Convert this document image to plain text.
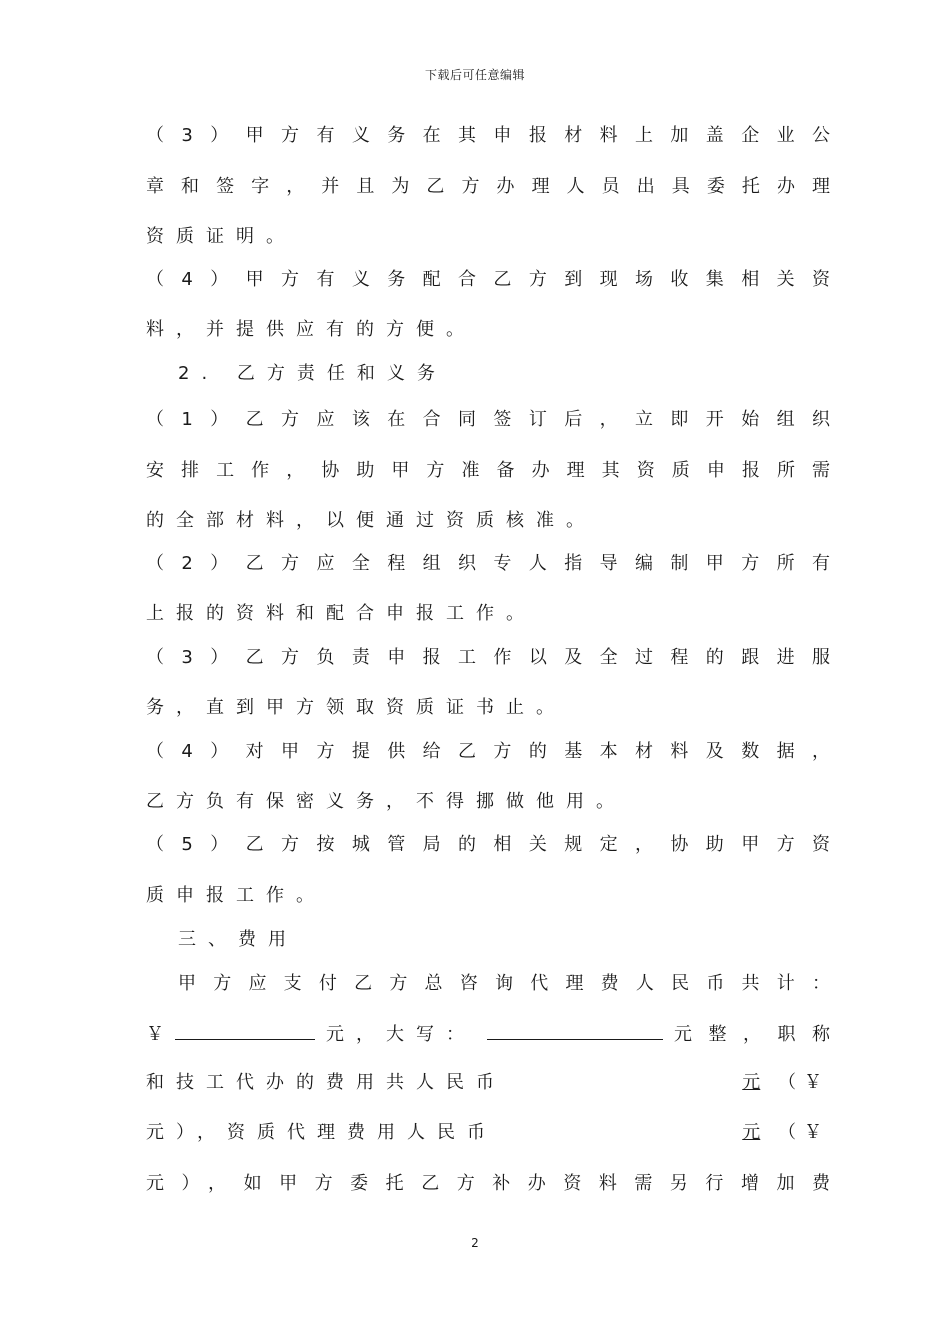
下载后可任意编辑
（3）甲方有义务在其申报材料上加盖企业公
章和签字，并且为乙方办理人员出具委托办理
资质证明。
（4）甲方有义务配合乙方到现场收集相关资
料，并提供应有的方便。
2. 乙方责任和义务
（1）乙方应该在合同签订后，立即开始组织
安排工作，协助甲方准备办理其资质申报所需
的全部材料，以便通过资质核准。
（2）乙方应全程组织专人指导编制甲方所有
上报的资料和配合申报工作。
（3）乙方负责申报工作以及全过程的跟进服
务，直到甲方领取资质证书止。
（4）对甲方提供给乙方的基本材料及数据，
乙方负有保密义务，不得挪做他用。
（5）乙方按城管局的相关规定，协助甲方资
质申报工作。
三、费用
甲方应支付乙方总咨询代理费人民币共计：
￥	元，大写：	元整，职称
和技工代办的费用共人民币	元 （￥
元），资质代理费用人民币	元 （￥
元），如甲方委托乙方补办资料需另行增加费
2
